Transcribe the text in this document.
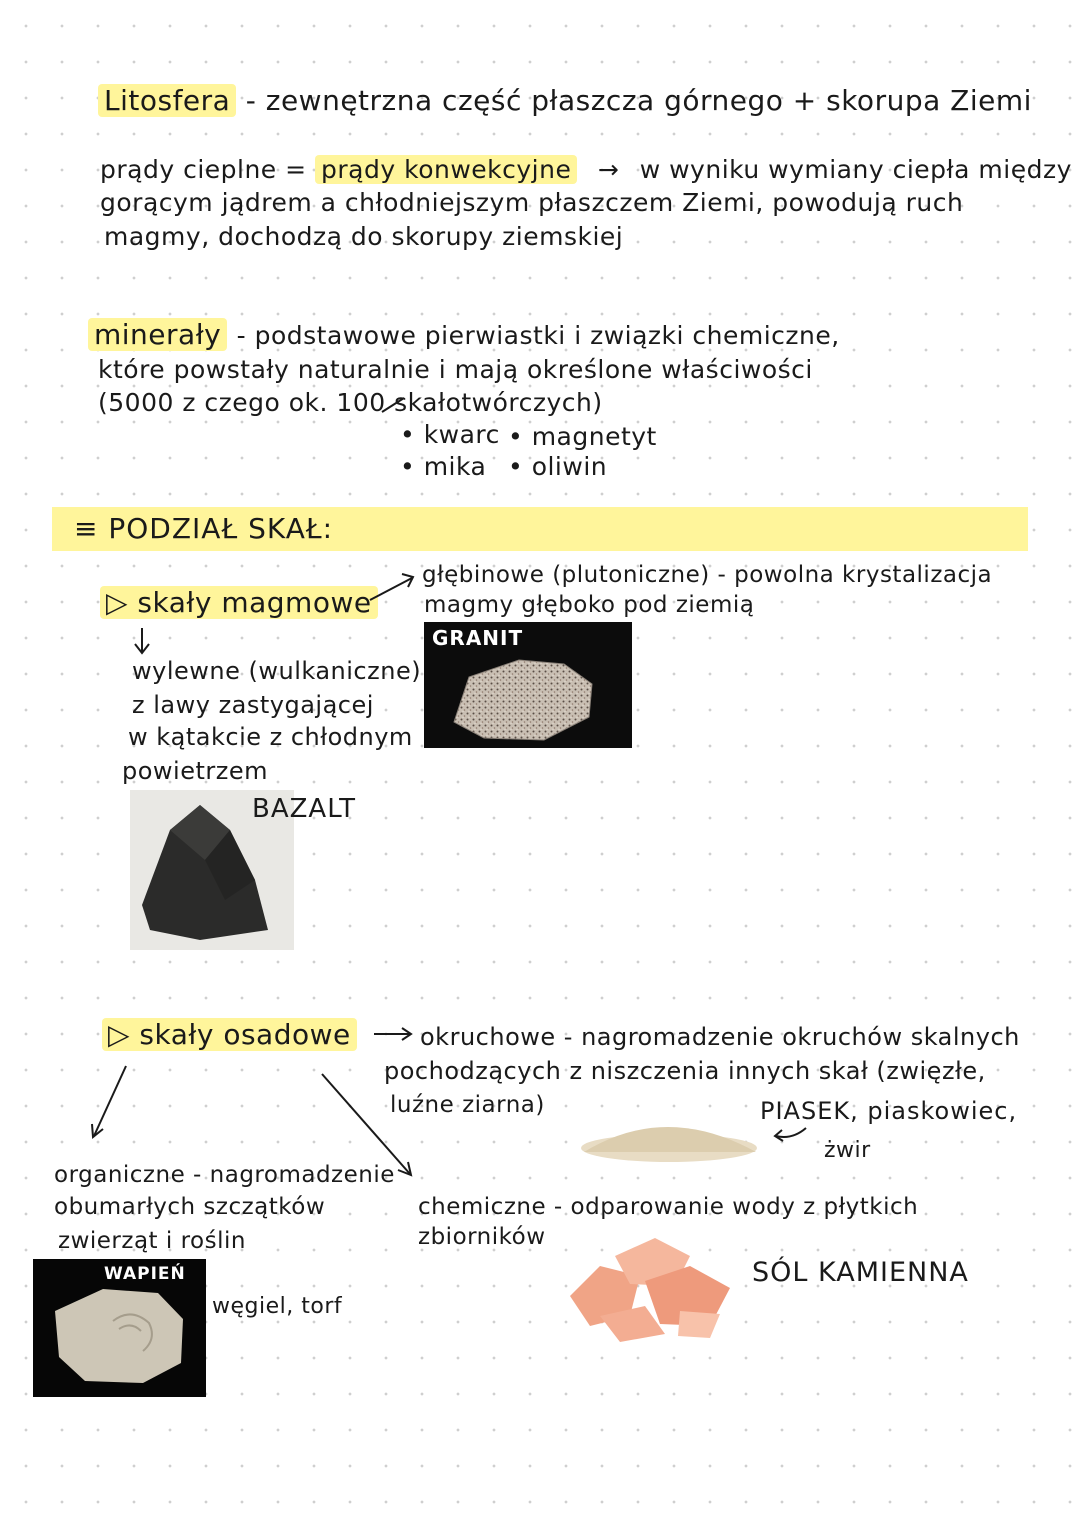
Litosfera - zewnętrzna część płaszcza górnego + skorupa Ziemi
prądy cieplne = prądy konwekcyjne → w wyniku wymiany ciepła między
gorącym jądrem a chłodniejszym płaszczem Ziemi, powodują ruch
magmy, dochodzą do skorupy ziemskiej
minerały - podstawowe pierwiastki i związki chemiczne,
które powstały naturalnie i mają określone właściwości
(5000 z czego ok. 100 skałotwórczych)
• kwarc • magnetyt
• mika • oliwin
≡ PODZIAŁ SKAŁ:
▷ skały magmowe
głębinowe (plutoniczne) - powolna krystalizacja
magmy głęboko pod ziemią
GRANIT
wylewne (wulkaniczne)
z lawy zastygającej
w kątakcie z chłodnym
powietrzem
BAZALT
▷ skały osadowe	okruchowe - nagromadzenie okruchów skalnych
pochodzących z niszczenia innych skał (zwięzłe,
luźne ziarna)	PIASEK, piaskowiec,
żwir
organiczne - nagromadzenie
obumarłych szczątków
zwierząt i roślin
chemiczne - odparowanie wody z płytkich
zbiorników
WAPIEŃ
węgiel, torf
SÓL KAMIENNA
